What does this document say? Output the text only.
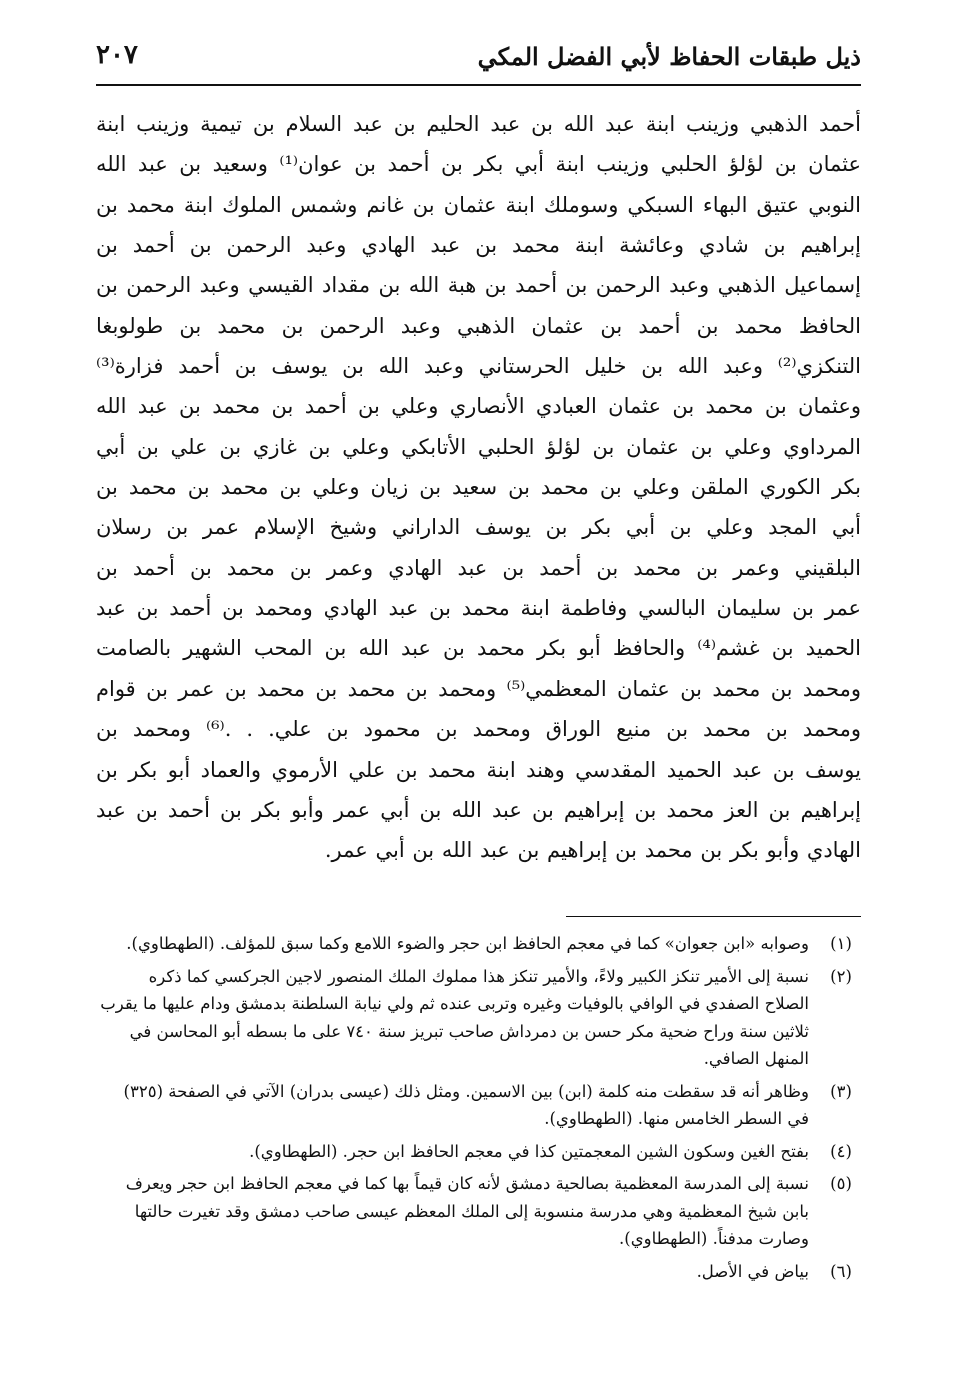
ذيل طبقات الحفاظ لأبي الفضل المكي
٢٠٧
أحمد الذهبي وزينب ابنة عبد الله بن عبد الحليم بن عبد السلام بن تيمية وزينب ابنة
عثمان بن لؤلؤ الحلبي وزينب ابنة أبي بكر بن أحمد بن عوان⁽¹⁾ وسعيد بن عبد الله
النوبي عتيق البهاء السبكي وسوملك ابنة عثمان بن غانم وشمس الملوك ابنة محمد بن
إبراهيم بن شادي وعائشة ابنة محمد بن عبد الهادي وعبد الرحمن بن أحمد بن
إسماعيل الذهبي وعبد الرحمن بن أحمد بن هبة الله بن مقداد القيسي وعبد الرحمن بن
الحافظ محمد بن أحمد بن عثمان الذهبي وعبد الرحمن بن محمد بن طولوبغا
التنكزي⁽²⁾ وعبد الله بن خليل الحرستاني وعبد الله بن يوسف بن أحمد فزارة⁽³⁾
وعثمان بن محمد بن عثمان العبادي الأنصاري وعلي بن أحمد بن محمد بن عبد الله
المرداوي وعلي بن عثمان بن لؤلؤ الحلبي الأتابكي وعلي بن غازي بن علي بن أبي
بكر الكوري الملقن وعلي بن محمد بن سعيد بن زيان وعلي بن محمد بن محمد بن
أبي المجد وعلي بن أبي بكر بن يوسف الداراني وشيخ الإسلام عمر بن رسلان
البلقيني وعمر بن محمد بن أحمد بن عبد الهادي وعمر بن محمد بن أحمد بن
عمر بن سليمان البالسي وفاطمة ابنة محمد بن عبد الهادي ومحمد بن أحمد بن عبد
الحميد بن غشم⁽⁴⁾ والحافظ أبو بكر محمد بن عبد الله بن المحب الشهير بالصامت
ومحمد بن محمد بن عثمان المعظمي⁽⁵⁾ ومحمد بن محمد بن محمد بن عمر بن قوام
ومحمد بن محمد بن منيع الوراق ومحمد بن محمود بن علي. . .⁽⁶⁾ ومحمد بن
يوسف بن عبد الحميد المقدسي وهند ابنة محمد بن علي الأرموي والعماد أبو بكر بن
إبراهيم بن العز محمد بن إبراهيم بن عبد الله بن أبي عمر وأبو بكر بن أحمد بن عبد
الهادي وأبو بكر بن محمد بن إبراهيم بن عبد الله بن أبي عمر.
(١)
وصوابه «ابن جعوان» كما في معجم الحافظ ابن حجر والضوء اللامع وكما سبق للمؤلف. (الطهطاوي).
(٢)
نسبة إلى الأمير تنكز الكبير ولاءً، والأمير تنكز هذا مملوك الملك المنصور لاجين الجركسي كما ذكره
الصلاح الصفدي في الوافي بالوفيات وغيره وتربى عنده ثم ولي نيابة السلطنة بدمشق ودام عليها ما يقرب
ثلاثين سنة وراح ضحية مكر حسن بن دمرداش صاحب تبريز سنة ٧٤٠ على ما بسطه أبو المحاسن في
المنهل الصافي.
(٣)
وظاهر أنه قد سقطت منه كلمة (ابن) بين الاسمين. ومثل ذلك (عيسى بدران) الآتي في الصفحة (٣٢٥)
في السطر الخامس منها. (الطهطاوي).
(٤)
بفتح الغين وسكون الشين المعجمتين كذا في معجم الحافظ ابن حجر. (الطهطاوي).
(٥)
نسبة إلى المدرسة المعظمية بصالحية دمشق لأنه كان قيماً بها كما في معجم الحافظ ابن حجر ويعرف
بابن شيخ المعظمية وهي مدرسة منسوبة إلى الملك المعظم عيسى صاحب دمشق وقد تغيرت حالتها
وصارت مدفناً. (الطهطاوي).
(٦)
بياض في الأصل.
